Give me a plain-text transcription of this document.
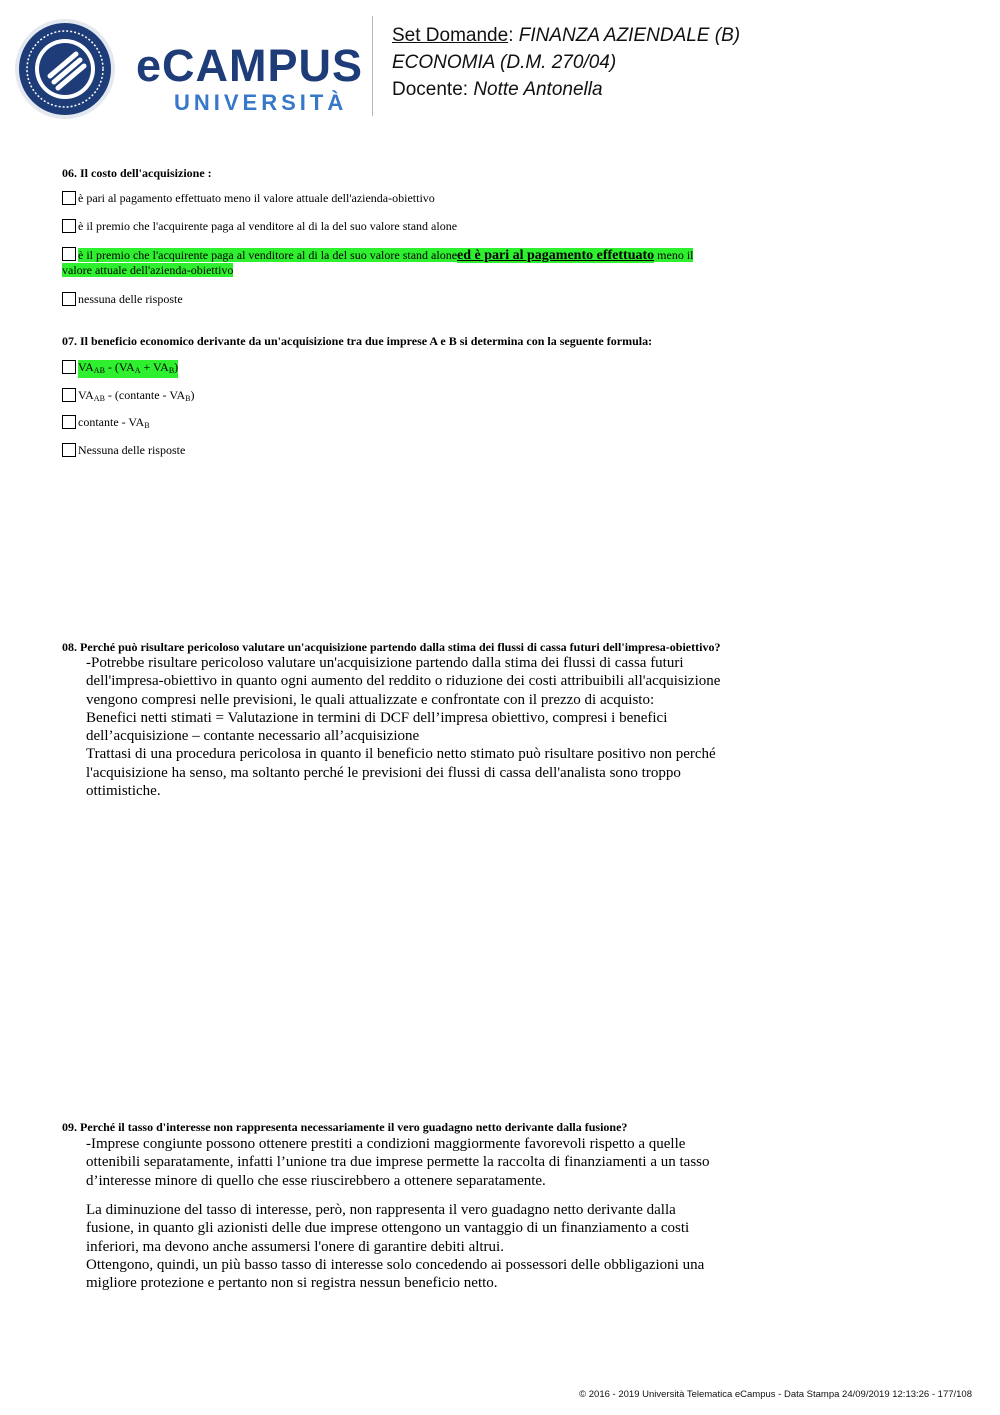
eCAMPUS
UNIVERSITÀ
Set Domande: FINANZA AZIENDALE (B)
ECONOMIA (D.M. 270/04)
Docente: Notte Antonella
06. Il costo dell'acquisizione :
è pari al pagamento effettuato meno il valore attuale dell'azienda-obiettivo
è il premio che l'acquirente paga al venditore al di la del suo valore stand alone
è il premio che l'acquirente paga al venditore al di la del suo valore stand aloneed è pari al pagamento effettuato meno il
valore attuale dell'azienda-obiettivo
nessuna delle risposte
07. Il beneficio economico derivante da un'acquisizione tra due imprese A e B si determina con la seguente formula:
$VA_{AB} - (VA_A + VA_B)$
$VA_{AB}$ - (contante - $VA_B$)
contante - $VA_B$
Nessuna delle risposte
08. Perché può risultare pericoloso valutare un'acquisizione partendo dalla stima dei flussi di cassa futuri dell'impresa-obiettivo?

-Potrebbe risultare pericoloso valutare un'acquisizione partendo dalla stima dei flussi di cassa futuri

dell'impresa-obiettivo in quanto ogni aumento del reddito o riduzione dei costi attribuibili all'acquisizione

vengono compresi nelle previsioni, le quali attualizzate e confrontate con il prezzo di acquisto:

Benefici netti stimati = Valutazione in termini di DCF dell’impresa obiettivo, compresi i benefici

dell’acquisizione – contante necessario all’acquisizione

Trattasi di una procedura pericolosa in quanto il beneficio netto stimato può risultare positivo non perché

l'acquisizione ha senso, ma soltanto perché le previsioni dei flussi di cassa dell'analista sono troppo

ottimistiche.

09. Perché il tasso d'interesse non rappresenta necessariamente il vero guadagno netto derivante dalla fusione?

-Imprese congiunte possono ottenere prestiti a condizioni maggiormente favorevoli rispetto a quelle

ottenibili separatamente, infatti l’unione tra due imprese permette la raccolta di finanziamenti a un tasso

d’interesse minore di quello che esse riuscirebbero a ottenere separatamente.

La diminuzione del tasso di interesse, però, non rappresenta il vero guadagno netto derivante dalla

fusione, in quanto gli azionisti delle due imprese ottengono un vantaggio di un finanziamento a costi

inferiori, ma devono anche assumersi l'onere di garantire debiti altrui.

Ottengono, quindi, un più basso tasso di interesse solo concedendo ai possessori delle obbligazioni una

migliore protezione e pertanto non si registra nessun beneficio netto.

© 2016 - 2019 Università Telematica eCampus - Data Stampa 24/09/2019 12:13:26 - 177/108
